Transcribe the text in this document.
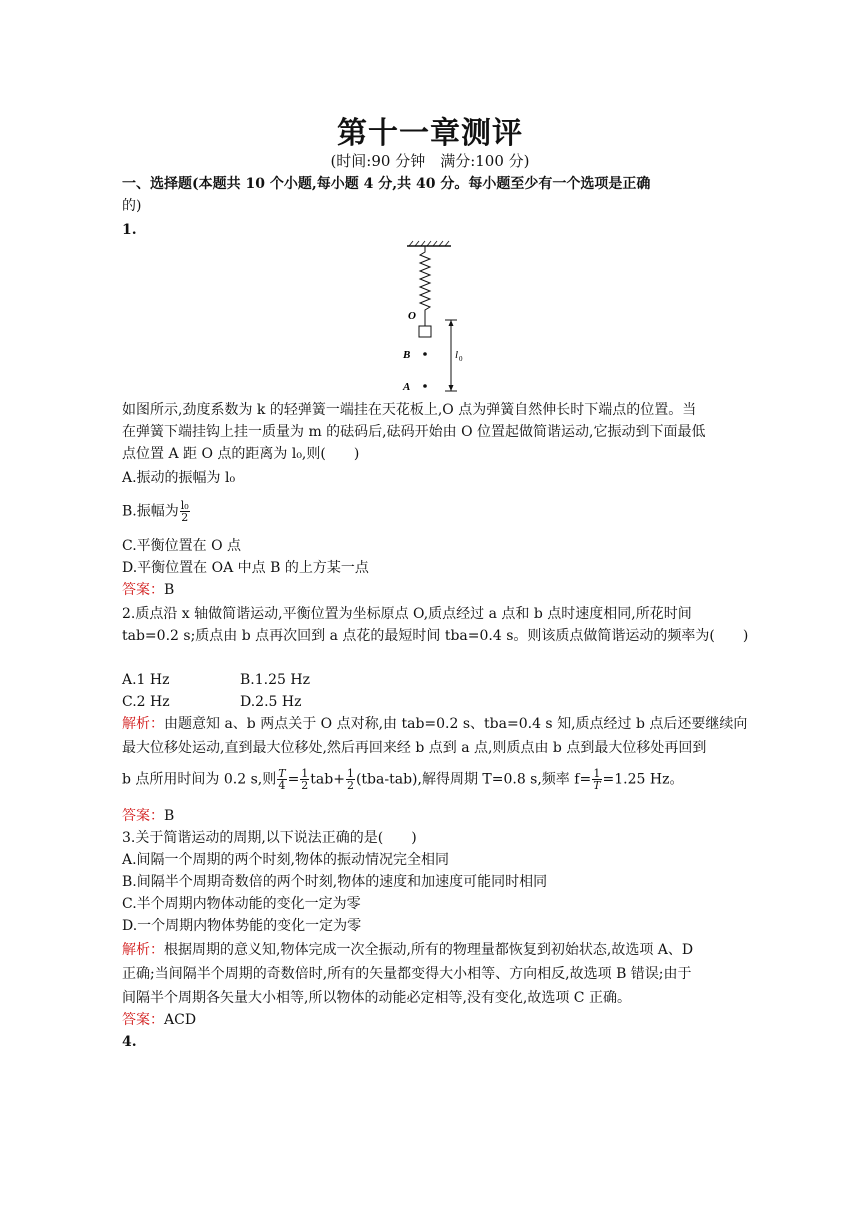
第十一章测评
(时间:90 分钟　满分:100 分)
一、选择题(本题共 10 个小题,每小题 4 分,共 40 分。每小题至少有一个选项是正确
的)
1.
O
B
A
l 0
如图所示,劲度系数为 k 的轻弹簧一端挂在天花板上,O 点为弹簧自然伸长时下端点的位置。当
在弹簧下端挂钩上挂一质量为 m 的砝码后,砝码开始由 O 位置起做简谐运动,它振动到下面最低
点位置 A 距 O 点的距离为 l₀,则(　　)
A.振动的振幅为 l₀
B.振幅为 $\frac{\text{l₀}}{2}$
C.平衡位置在 O 点
D.平衡位置在 OA 中点 B 的上方某一点
答案：B
2.质点沿 x 轴做简谐运动,平衡位置为坐标原点 O,质点经过 a 点和 b 点时速度相同,所花时间
tab=0.2 s;质点由 b 点再次回到 a 点花的最短时间 tba=0.4 s。则该质点做简谐运动的频率为(　　)
A.1 Hz	B.1.25 Hz
C.2 Hz	D.2.5 Hz
解析：由题意知 a、b 两点关于 O 点对称,由 tab=0.2 s、tba=0.4 s 知,质点经过 b 点后还要继续向
最大位移处运动,直到最大位移处,然后再回来经 b 点到 a 点,则质点由 b 点到最大位移处再回到
b 点所用时间为 0.2 s,则 $\frac{T}{4} = \frac{1}{2} tab+ \frac{1}{2} (tba-tab)$,解得周期 T=0.8 s,频率 $f= \frac{1}{T} =1.25$ Hz。
答案：B
3.关于简谐运动的周期,以下说法正确的是(　　)
A.间隔一个周期的两个时刻,物体的振动情况完全相同
B.间隔半个周期奇数倍的两个时刻,物体的速度和加速度可能同时相同
C.半个周期内物体动能的变化一定为零
D.一个周期内物体势能的变化一定为零
解析：根据周期的意义知,物体完成一次全振动,所有的物理量都恢复到初始状态,故选项 A、D
正确;当间隔半个周期的奇数倍时,所有的矢量都变得大小相等、方向相反,故选项 B 错误;由于
间隔半个周期各矢量大小相等,所以物体的动能必定相等,没有变化,故选项 C 正确。
答案：ACD
4.
